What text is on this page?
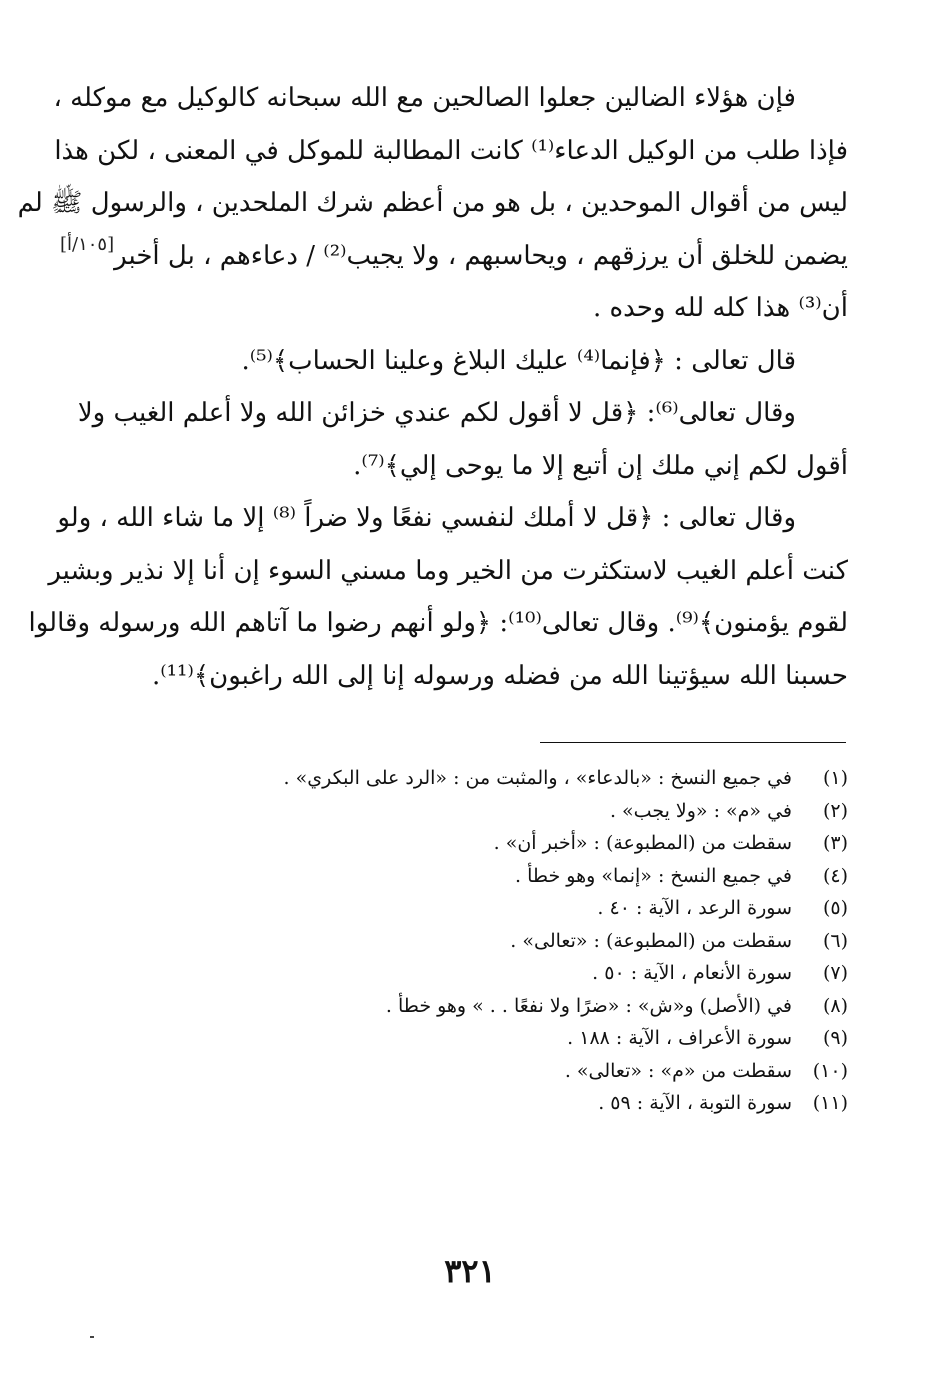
فإن هؤلاء الضالين جعلوا الصالحين مع الله سبحانه كالوكيل مع موكله ،
فإذا طلب من الوكيل الدعاء⁽¹⁾ كانت المطالبة للموكل في المعنى ، لكن هذا
ليس من أقوال الموحدين ، بل هو من أعظم شرك الملحدين ، والرسول ﷺ لم
يضمن للخلق أن يرزقهم ، ويحاسبهم ، ولا يجيب⁽²⁾ / دعاءهم ، بل أخبر
أن⁽³⁾ هذا كله لله وحده .
قال تعالى : ﴿فإنما⁽⁴⁾ عليك البلاغ وعلينا الحساب﴾⁽⁵⁾.
وقال تعالى⁽⁶⁾: ﴿قل لا أقول لكم عندي خزائن الله ولا أعلم الغيب ولا
أقول لكم إني ملك إن أتبع إلا ما يوحى إلي﴾⁽⁷⁾.
وقال تعالى : ﴿قل لا أملك لنفسي نفعًا ولا ضراً ⁽⁸⁾ إلا ما شاء الله ، ولو
كنت أعلم الغيب لاستكثرت من الخير وما مسني السوء إن أنا إلا نذير وبشير
لقوم يؤمنون﴾⁽⁹⁾. وقال تعالى⁽¹⁰⁾: ﴿ولو أنهم رضوا ما آتاهم الله ورسوله وقالوا
حسبنا الله سيؤتينا الله من فضله ورسوله إنا إلى الله راغبون﴾⁽¹¹⁾.
[١٠٥/أ]
(١)
في جميع النسخ : «بالدعاء» ، والمثبت من : «الرد على البكري» .
(٢)
في «م» : «ولا يجب» .
(٣)
سقطت من (المطبوعة) : «أخبر أن» .
(٤)
في جميع النسخ : «إنما» وهو خطأ .
(٥)
سورة الرعد ، الآية : ٤٠ .
(٦)
سقطت من (المطبوعة) : «تعالى» .
(٧)
سورة الأنعام ، الآية : ٥٠ .
(٨)
في (الأصل) و«ش» : «ضرًا ولا نفعًا . . » وهو خطأ .
(٩)
سورة الأعراف ، الآية : ١٨٨ .
(١٠)
سقطت من «م» : «تعالى» .
(١١)
سورة التوبة ، الآية : ٥٩ .
٣٢١
